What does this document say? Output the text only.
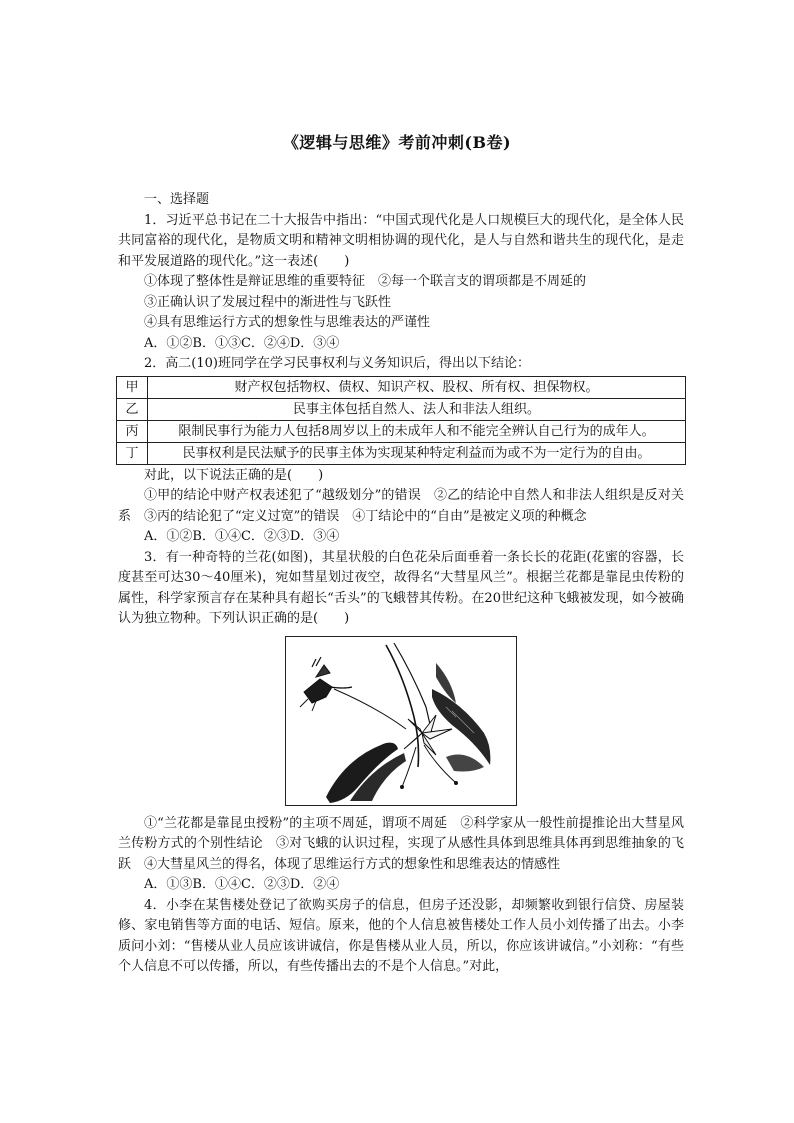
《逻辑与思维》考前冲刺(B卷)

一、选择题

1．习近平总书记在二十大报告中指出：“中国式现代化是人口规模巨大的现代化，是全体人民共同富裕的现代化，是物质文明和精神文明相协调的现代化，是人与自然和谐共生的现代化，是走和平发展道路的现代化。”这一表述(　　)

①体现了整体性是辩证思维的重要特征　②每一个联言支的谓项都是不周延的

③正确认识了发展过程中的渐进性与飞跃性

④具有思维运行方式的想象性与思维表达的严谨性

A．①②B．①③C．②④D．③④

2．高二(10)班同学在学习民事权利与义务知识后，得出以下结论：

甲	财产权包括物权、债权、知识产权、股权、所有权、担保物权。
乙	民事主体包括自然人、法人和非法人组织。
丙	限制民事行为能力人包括8周岁以上的未成年人和不能完全辨认自己行为的成年人。
丁	民事权利是民法赋予的民事主体为实现某种特定利益而为或不为一定行为的自由。

对此，以下说法正确的是(　　)

①甲的结论中财产权表述犯了“越级划分”的错误　②乙的结论中自然人和非法人组织是反对关系　③丙的结论犯了“定义过宽”的错误　④丁结论中的“自由”是被定义项的种概念

A．①②B．①④C．②③D．③④

3．有一种奇特的兰花(如图)，其星状般的白色花朵后面垂着一条长长的花距(花蜜的容器，长度甚至可达30～40厘米)，宛如彗星划过夜空，故得名“大彗星风兰”。根据兰花都是靠昆虫传粉的属性，科学家预言存在某种具有超长“舌头”的飞蛾替其传粉。在20世纪这种飞蛾被发现，如今被确认为独立物种。下列认识正确的是(　　)

①“兰花都是靠昆虫授粉”的主项不周延，谓项不周延　②科学家从一般性前提推论出大彗星风兰传粉方式的个别性结论　③对飞蛾的认识过程，实现了从感性具体到思维具体再到思维抽象的飞跃　④大彗星风兰的得名，体现了思维运行方式的想象性和思维表达的情感性

A．①③B．①④C．②③D．②④

4．小李在某售楼处登记了欲购买房子的信息，但房子还没影，却频繁收到银行信贷、房屋装修、家电销售等方面的电话、短信。原来，他的个人信息被售楼处工作人员小刘传播了出去。小李质问小刘：“售楼从业人员应该讲诚信，你是售楼从业人员，所以，你应该讲诚信。”小刘称：“有些个人信息不可以传播，所以，有些传播出去的不是个人信息。”对此，
